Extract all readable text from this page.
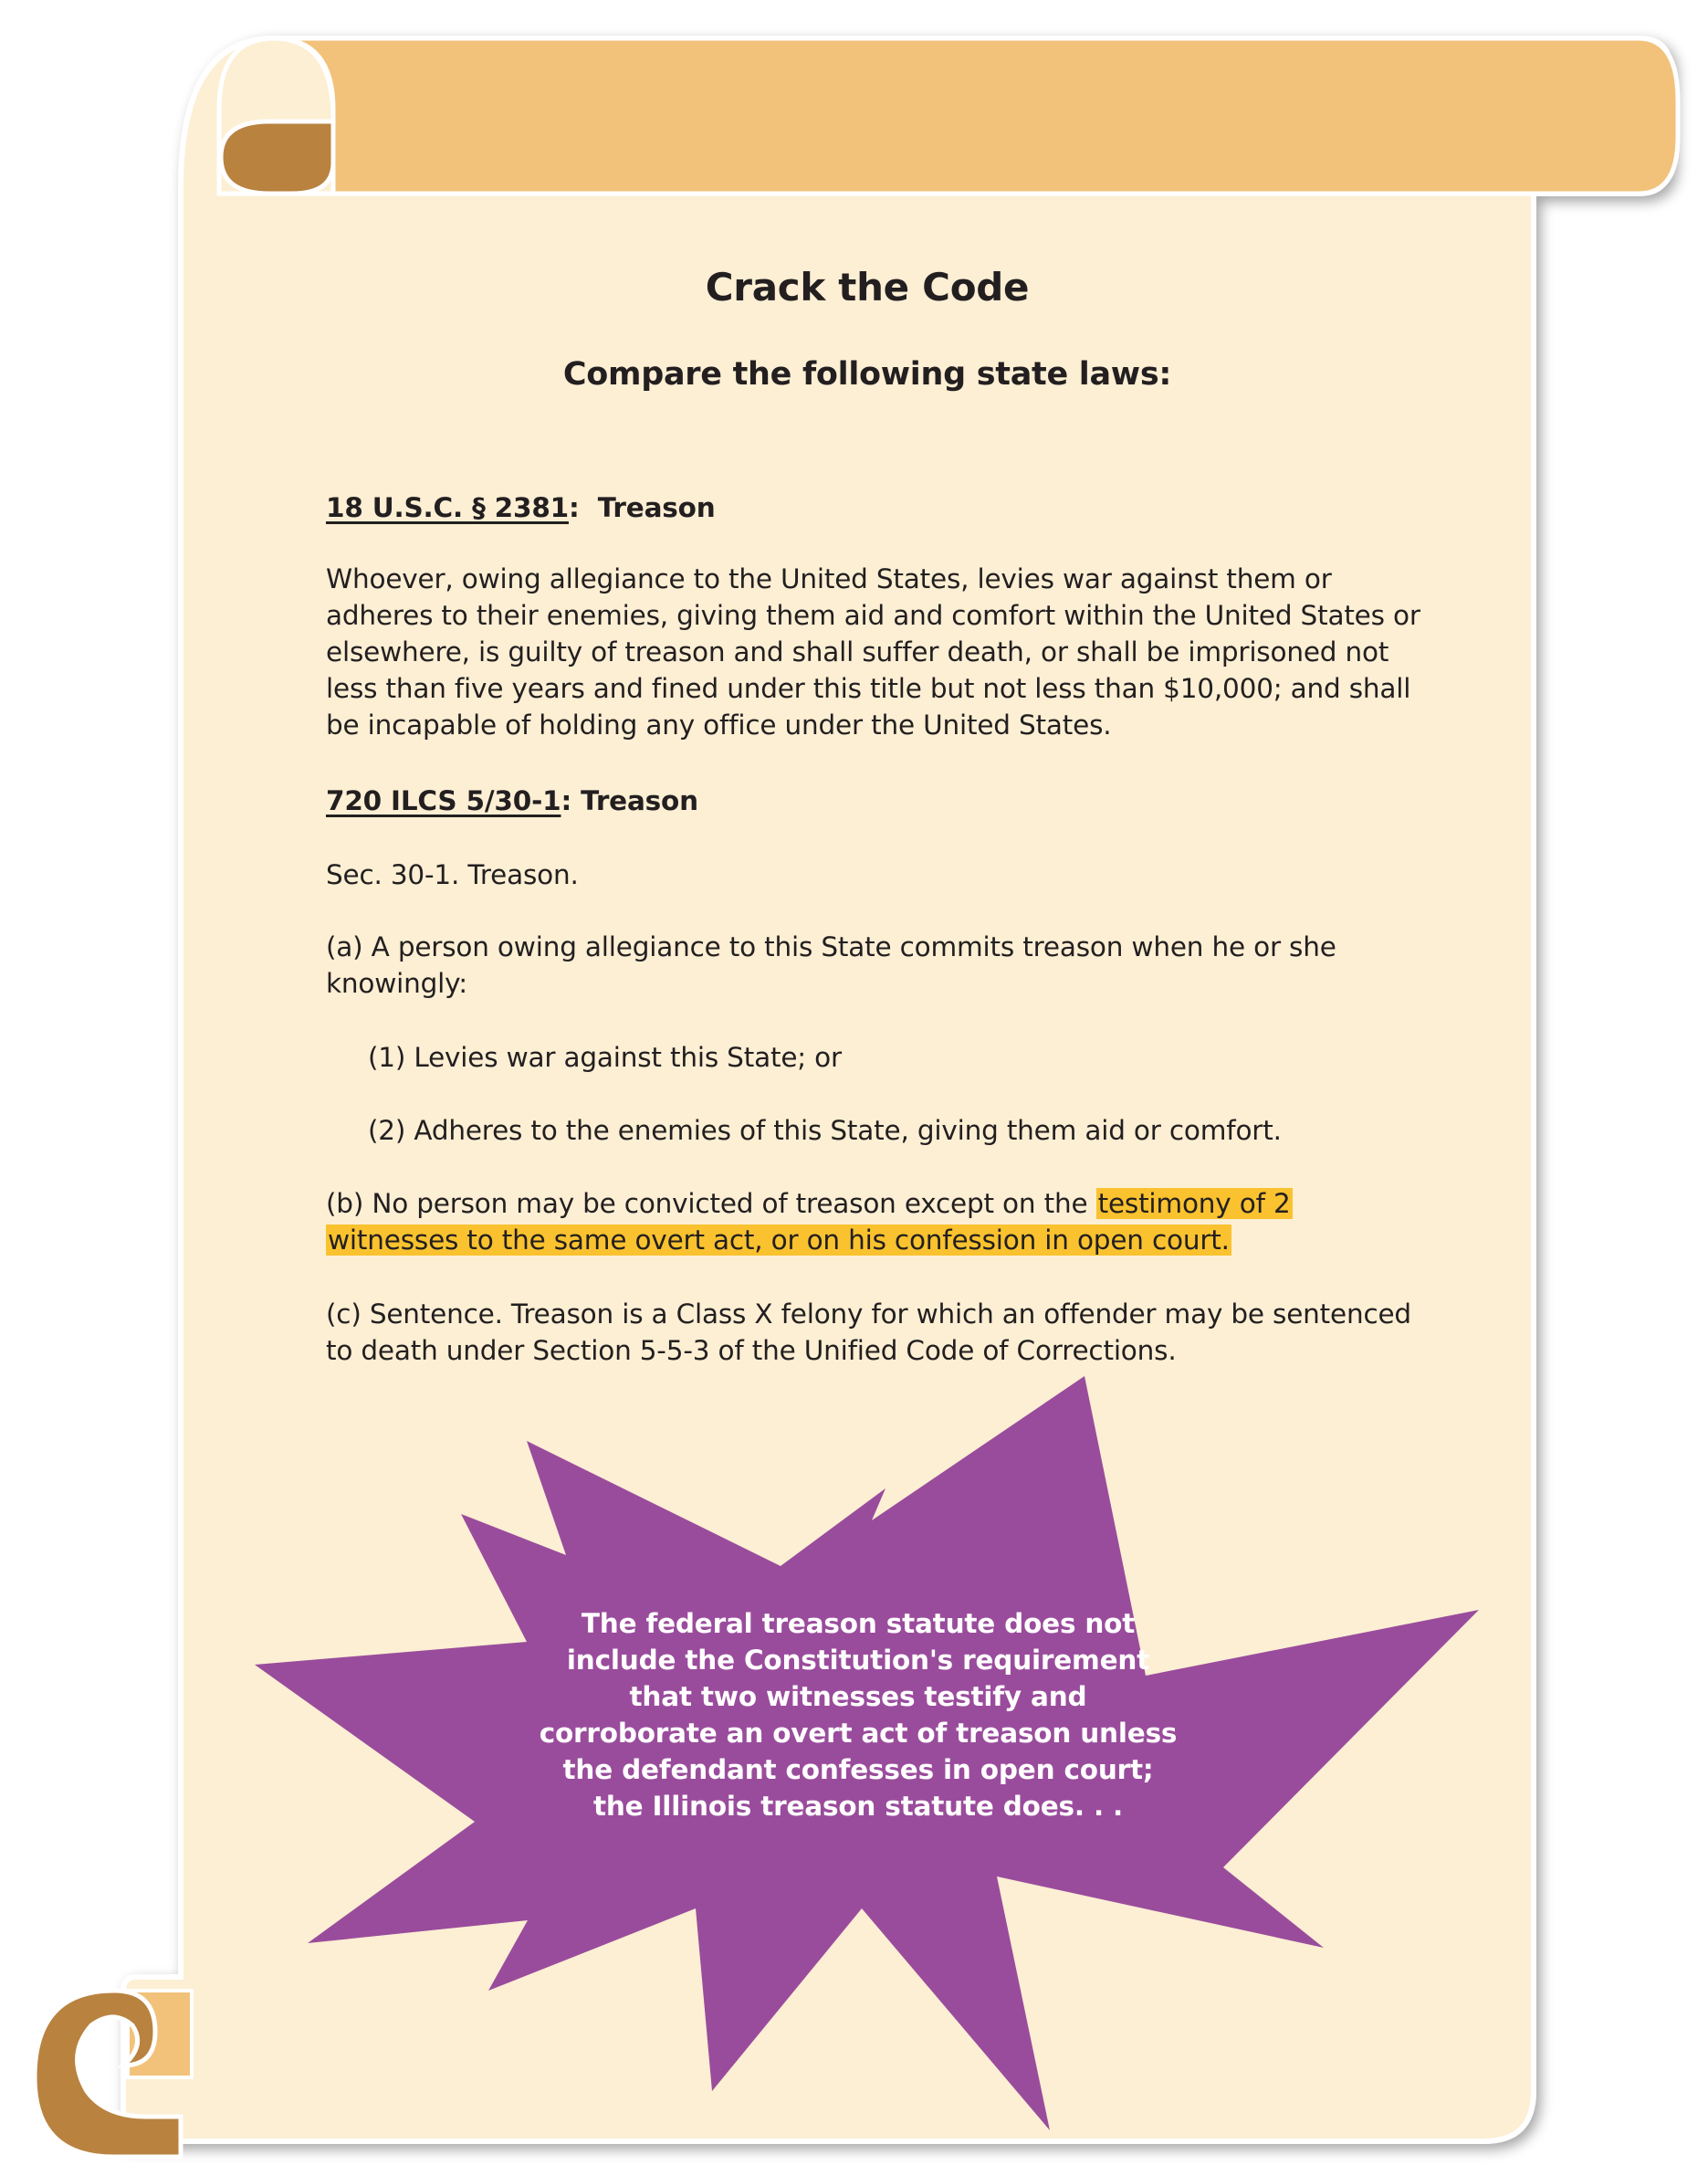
Crack the Code
Compare the following state laws:
18 U.S.C. § 2381:  Treason
Whoever, owing allegiance to the United States, levies war against them or adheres to their enemies, giving them aid and comfort within the United States or elsewhere, is guilty of treason and shall suffer death, or shall be imprisoned not less than five years and fined under this title but not less than $10,000; and shall be incapable of holding any office under the United States.
720 ILCS 5/30-1: Treason
Sec. 30-1. Treason.
(a) A person owing allegiance to this State commits treason when he or she knowingly:
(1) Levies war against this State; or
(2) Adheres to the enemies of this State, giving them aid or comfort.
(b) No person may be convicted of treason except on the testimony of 2 witnesses to the same overt act, or on his confession in open court.
(c) Sentence. Treason is a Class X felony for which an offender may be sentenced to death under Section 5-5-3 of the Unified Code of Corrections.
The federal treason statute does not include the Constitution's requirement that two witnesses testify and corroborate an overt act of treason unless the defendant confesses in open court; the Illinois treason statute does. . .
